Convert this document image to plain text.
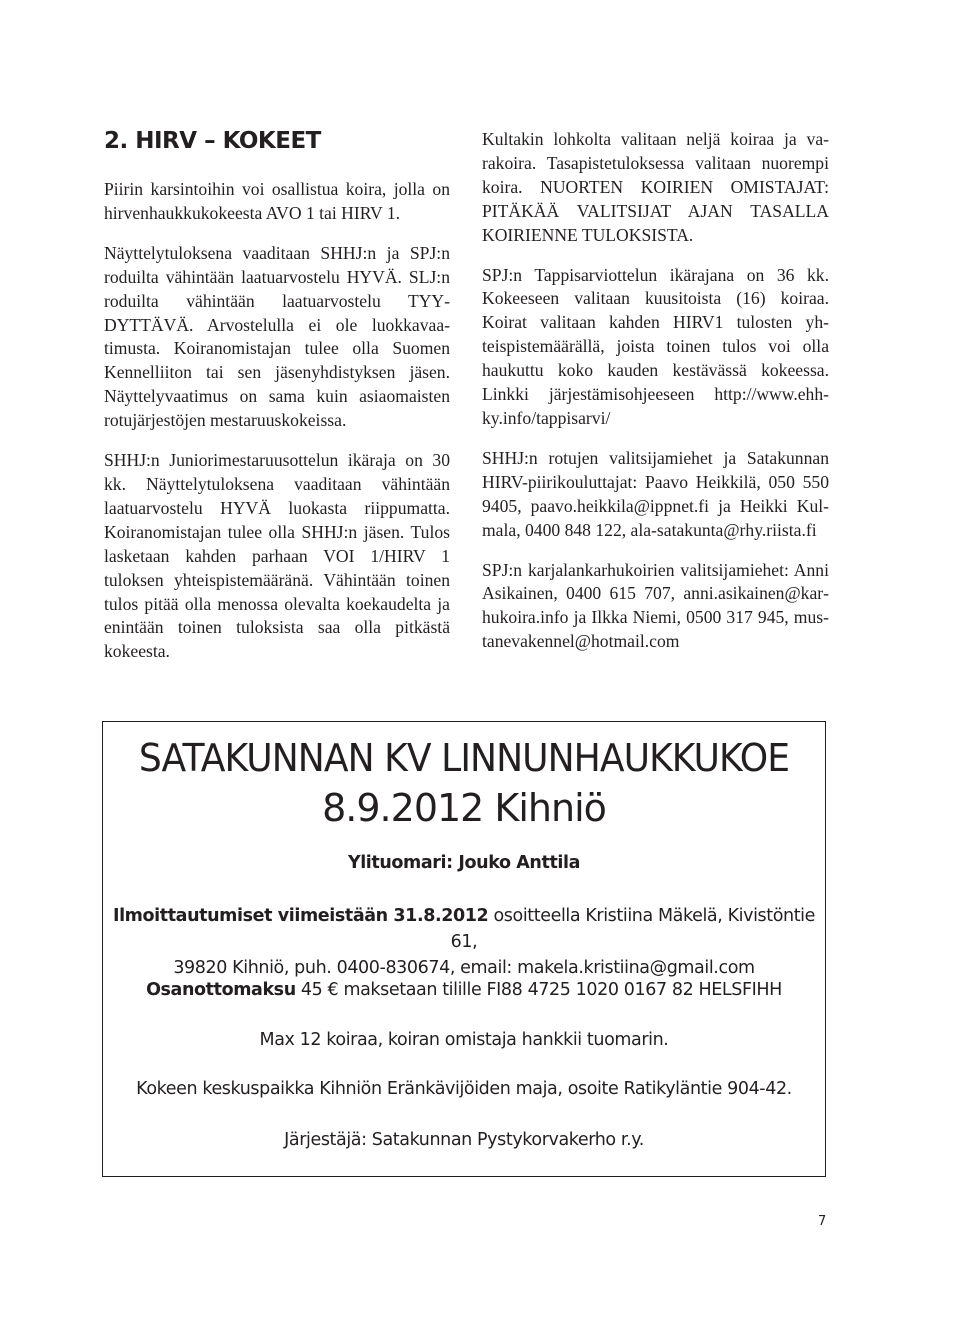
2. HIRV – KOKEET

Piirin karsintoihin voi osallistua koira, jolla on hirvenhaukkukokeesta AVO 1 tai HIRV 1.

Näyttelytuloksena vaaditaan SHHJ:n ja SPJ:n roduilta vähintään laatuarvostelu HYVÄ. SLJ:n roduilta vähintään laatuarvostelu TYYDYTTÄVÄ. Arvostelulla ei ole luokkavaatimusta. Koiranomistajan tulee olla Suomen Kennelliiton tai sen jäsenyhdistyksen jäsen. Näyttelyvaatimus on sama kuin asiaomaisten rotujärjestöjen mestaruuskokeissa.

SHHJ:n Juniorimestaruusottelun ikäraja on 30 kk. Näyttelytuloksena vaaditaan vähintään laatuarvostelu HYVÄ luokasta riippumatta. Koiranomistajan tulee olla SHHJ:n jäsen. Tulos lasketaan kahden parhaan VOI 1/HIRV 1 tuloksen yhteispistemääränä. Vähintään toinen tulos pitää olla menossa olevalta koekaudelta ja enintään toinen tuloksista saa olla pitkästä kokeesta.

Kultakin lohkolta valitaan neljä koiraa ja varakoira. Tasapistetuloksessa valitaan nuorempi koira. NUORTEN KOIRIEN OMISTAJAT: PITÄKÄÄ VALITSIJAT AJAN TASALLA KOIRIENNE TULOKSISTA.

SPJ:n Tappisarviottelun ikärajana on 36 kk. Kokeeseen valitaan kuusitoista (16) koiraa. Koirat valitaan kahden HIRV1 tulosten yhteispistemäärällä, joista toinen tulos voi olla haukuttu koko kauden kestävässä kokeessa. Linkki järjestämisohjeeseen http://www.ehhky.info/tappisarvi/

SHHJ:n rotujen valitsijamiehet ja Satakunnan HIRV-piirikouluttajat: Paavo Heikkilä, 050 550 9405, paavo.heikkila@ippnet.fi ja Heikki Kulmala, 0400 848 122, ala-satakunta@rhy.riista.fi

SPJ:n karjalankarhukoirien valitsijamiehet: Anni Asikainen, 0400 615 707, anni.asikainen@karhukoira.info ja Ilkka Niemi, 0500 317 945, mustanevakennel@hotmail.com

SATAKUNNAN KV LINNUNHAUKKUKOE
8.9.2012 Kihniö
Ylituomari: Jouko Anttila
Ilmoittautumiset viimeistään 31.8.2012 osoitteella Kristiina Mäkelä, Kivistöntie 61,
39820 Kihniö, puh. 0400-830674, email: makela.kristiina@gmail.com
Osanottomaksu 45 € maksetaan tilille FI88 4725 1020 0167 82 HELSFIHH
Max 12 koiraa, koiran omistaja hankkii tuomarin.
Kokeen keskuspaikka Kihniön Eränkävijöiden maja, osoite Ratikyläntie 904-42.
Järjestäjä: Satakunnan Pystykorvakerho r.y.
7
